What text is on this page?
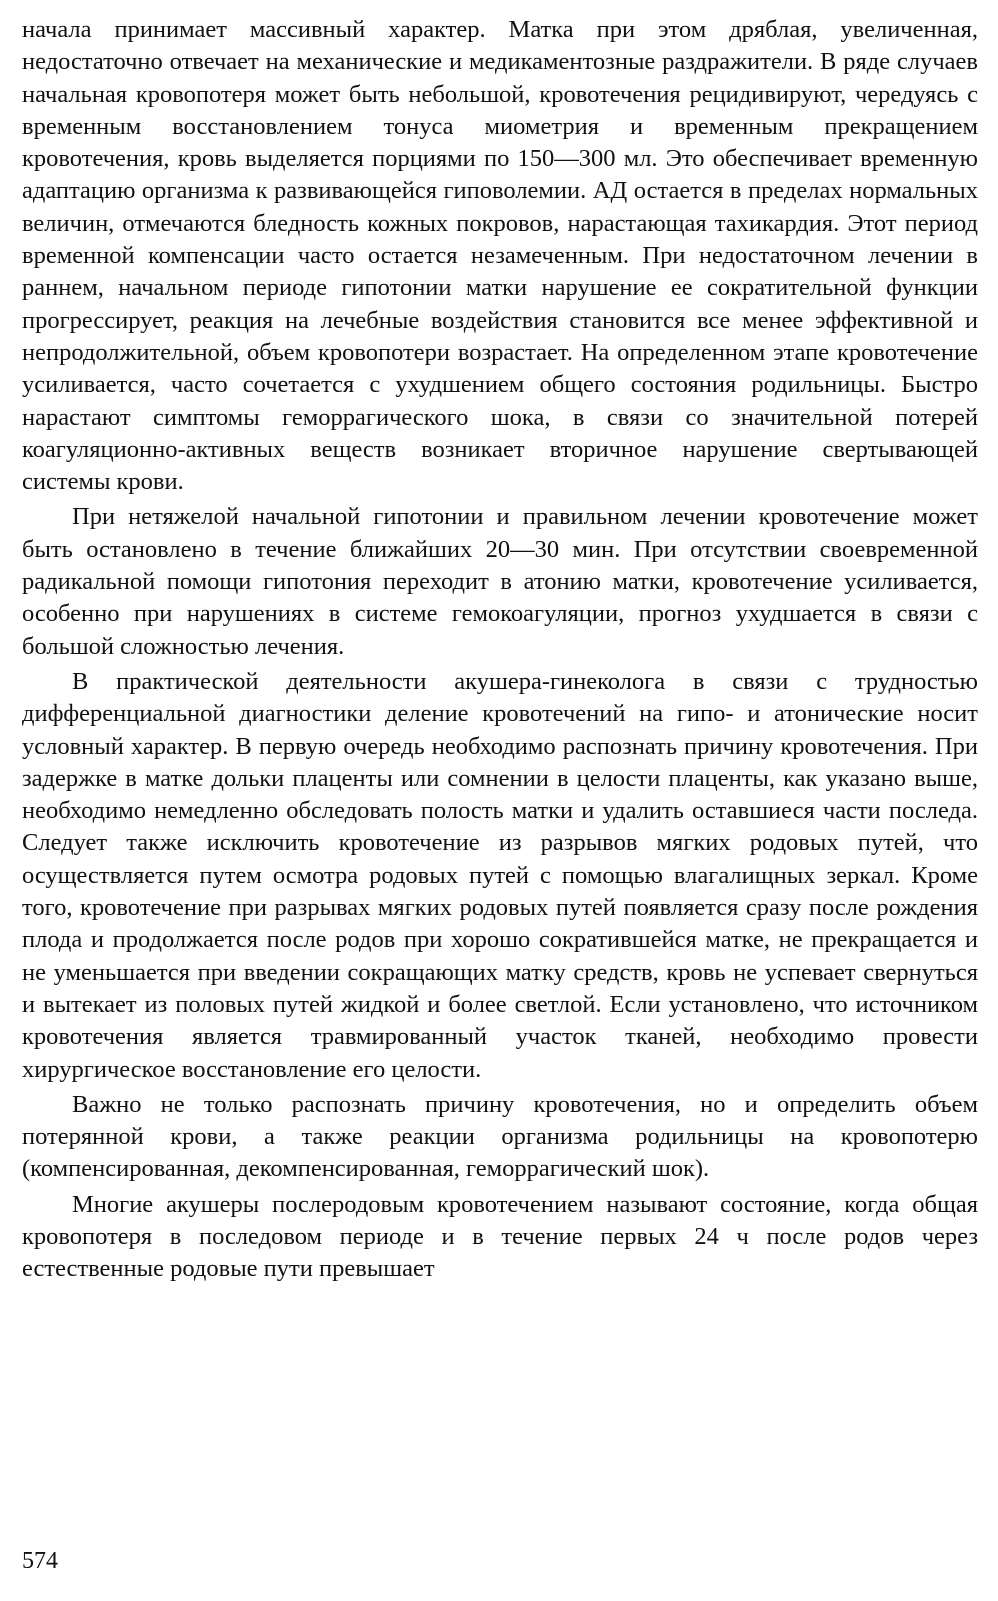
начала принимает массивный характер. Матка при этом дряблая, увеличенная, недостаточно отвечает на механические и медикаментозные раздражители. В ряде случаев начальная кровопотеря может быть небольшой, кровотечения рецидивируют, чередуясь с временным восстановлением тонуса миометрия и временным прекращением кровотечения, кровь выделяется порциями по 150—300 мл. Это обеспечивает временную адаптацию организма к развивающейся гиповолемии. АД остается в пределах нормальных величин, отмечаются бледность кожных покровов, нарастающая тахикардия. Этот период временной компенсации часто остается незамеченным. При недостаточном лечении в раннем, начальном периоде гипотонии матки нарушение ее сократительной функции прогрессирует, реакция на лечебные воздействия становится все менее эффективной и непродолжительной, объем кровопотери возрастает. На определенном этапе кровотечение усиливается, часто сочетается с ухудшением общего состояния родильницы. Быстро нарастают симптомы геморрагического шока, в связи со значительной потерей коагуляционно-активных веществ возникает вторичное нарушение свертывающей системы крови.

При нетяжелой начальной гипотонии и правильном лечении кровотечение может быть остановлено в течение ближайших 20—30 мин. При отсутствии своевременной радикальной помощи гипотония переходит в атонию матки, кровотечение усиливается, особенно при нарушениях в системе гемокоагуляции, прогноз ухудшается в связи с большой сложностью лечения.

В практической деятельности акушера-гинеколога в связи с трудностью дифференциальной диагностики деление кровотечений на гипо- и атонические носит условный характер. В первую очередь необходимо распознать причину кровотечения. При задержке в матке дольки плаценты или сомнении в целости плаценты, как указано выше, необходимо немедленно обследовать полость матки и удалить оставшиеся части последа. Следует также исключить кровотечение из разрывов мягких родовых путей, что осуществляется путем осмотра родовых путей с помощью влагалищных зеркал. Кроме того, кровотечение при разрывах мягких родовых путей появляется сразу после рождения плода и продолжается после родов при хорошо сократившейся матке, не прекращается и не уменьшается при введении сокращающих матку средств, кровь не успевает свернуться и вытекает из половых путей жидкой и более светлой. Если установлено, что источником кровотечения является травмированный участок тканей, необходимо провести хирургическое восстановление его целости.

Важно не только распознать причину кровотечения, но и определить объем потерянной крови, а также реакции организма родильницы на кровопотерю (компенсированная, декомпенсированная, геморрагический шок).

Многие акушеры послеродовым кровотечением называют состояние, когда общая кровопотеря в последовом периоде и в течение первых 24 ч после родов через естественные родовые пути превышает

574
